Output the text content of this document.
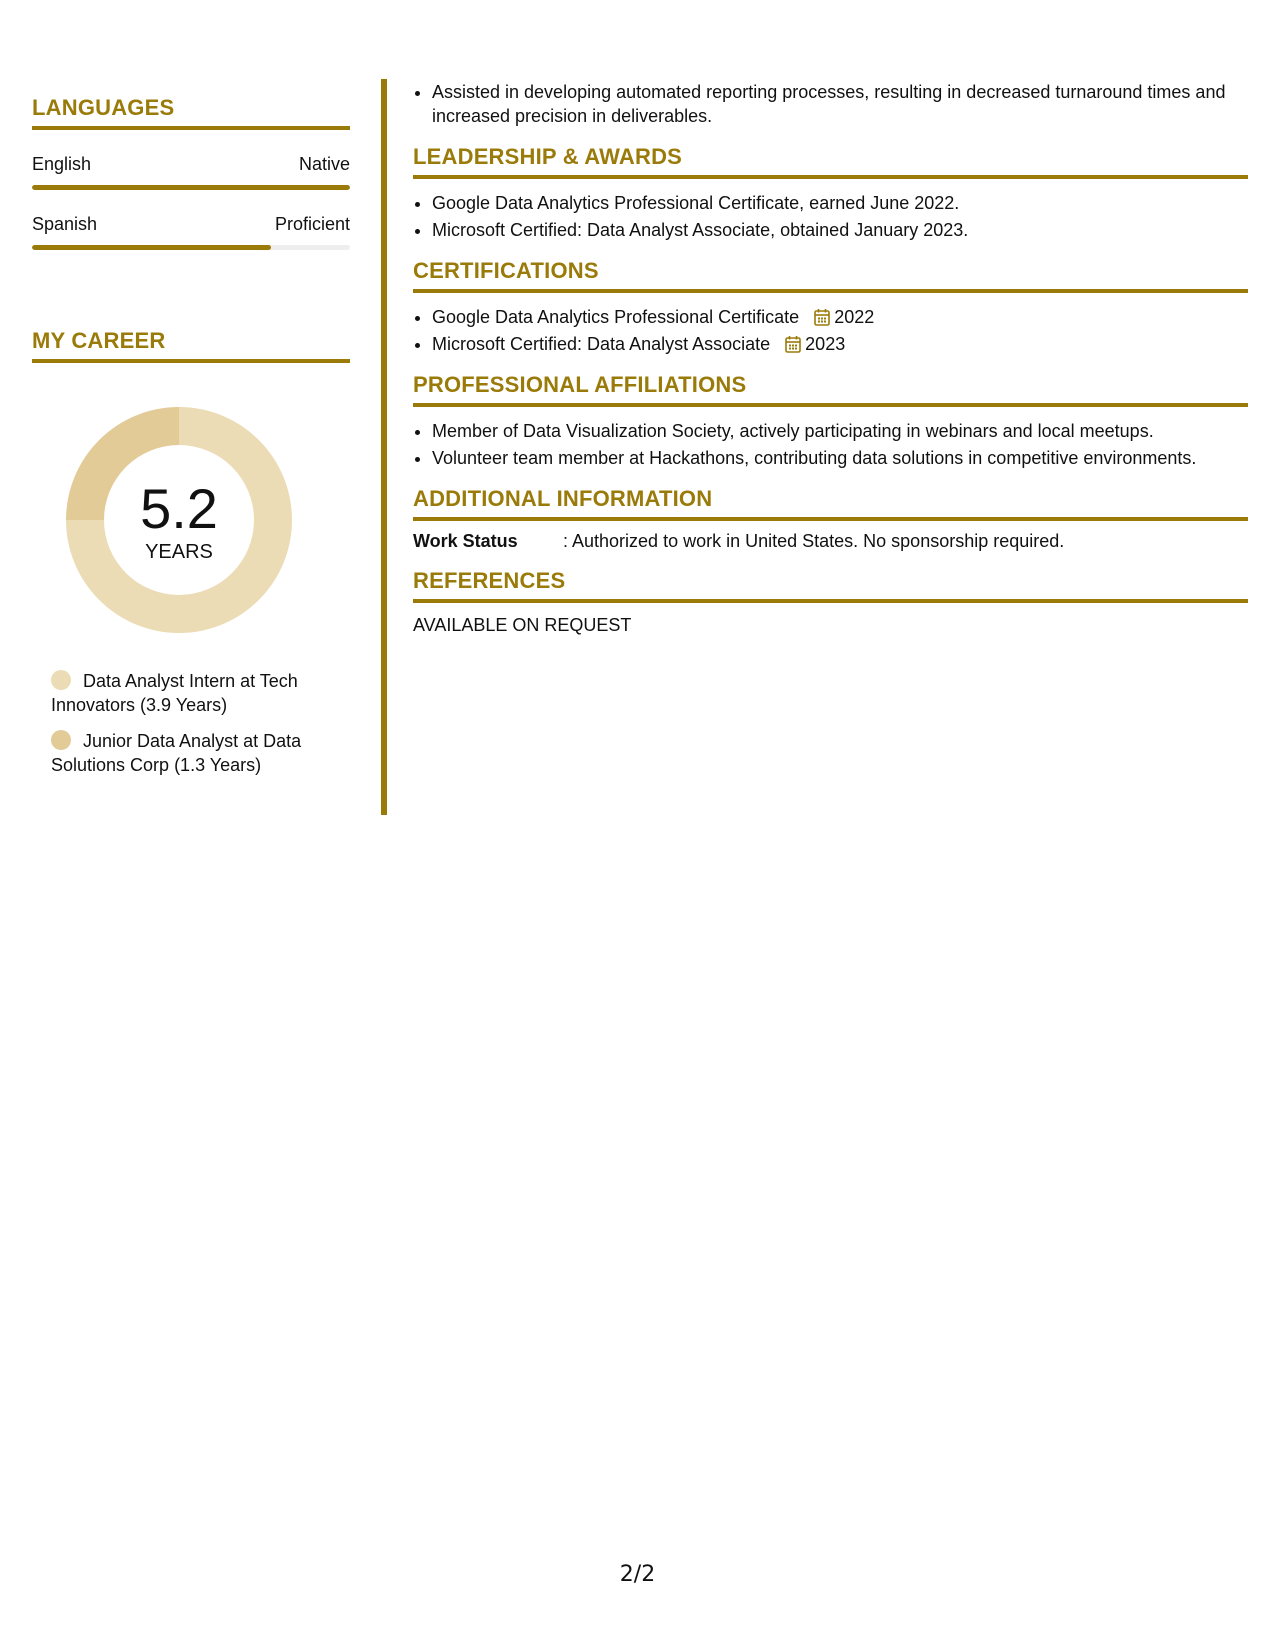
LANGUAGES
English	Native
Spanish	Proficient
MY CAREER
5.2
YEARS
Data Analyst Intern at Tech Innovators (3.9 Years)
Junior Data Analyst at Data Solutions Corp (1.3 Years)
• Assisted in developing automated reporting processes, resulting in decreased turnaround times and increased precision in deliverables.
LEADERSHIP & AWARDS
• Google Data Analytics Professional Certificate, earned June 2022.
• Microsoft Certified: Data Analyst Associate, obtained January 2023.
CERTIFICATIONS
• Google Data Analytics Professional Certificate 2022
• Microsoft Certified: Data Analyst Associate 2023
PROFESSIONAL AFFILIATIONS
• Member of Data Visualization Society, actively participating in webinars and local meetups.
• Volunteer team member at Hackathons, contributing data solutions in competitive environments.
ADDITIONAL INFORMATION
Work Status	: Authorized to work in United States. No sponsorship required.
REFERENCES
AVAILABLE ON REQUEST
2/2
